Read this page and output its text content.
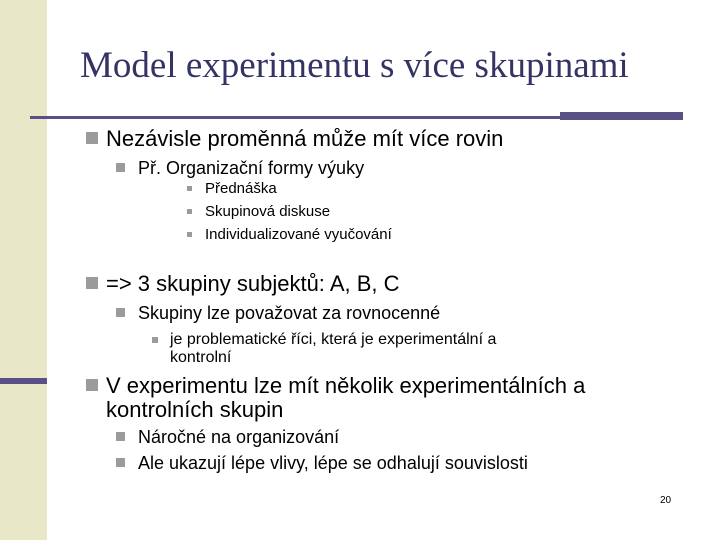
Model experimentu s více skupinami
Nezávisle proměnná může mít více rovin
Př. Organizační formy výuky
Přednáška
Skupinová diskuse
Individualizované vyučování
=> 3 skupiny subjektů: A, B, C
Skupiny lze považovat za rovnocenné
je problematické říci, která je experimentální a
kontrolní
V experimentu lze mít několik experimentálních a
kontrolních skupin
Náročné na organizování
Ale ukazují lépe vlivy, lépe se odhalují souvislosti
20
